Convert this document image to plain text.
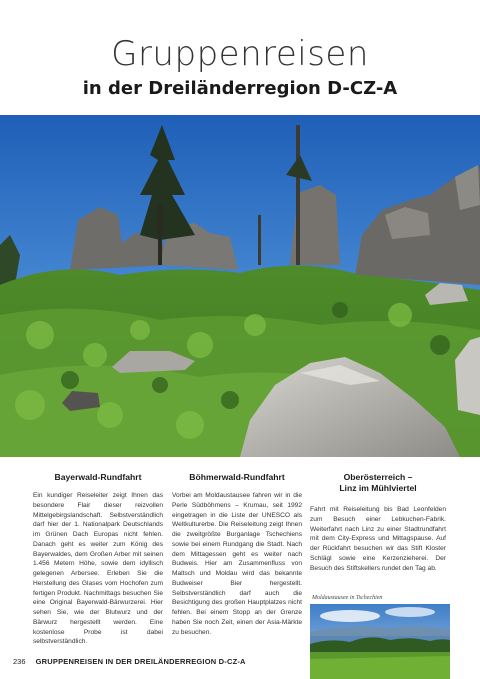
Gruppenreisen
in der Dreiländerregion D-CZ-A
Bayerwald-Rundfahrt

Ein kundiger Reiseleiter zeigt Ihnen das besondere Flair dieser reizvollen Mittelgebirgslandschaft. Selbstverständlich darf hier der 1. Nationalpark Deutschlands im Grünen Dach Europas nicht fehlen. Danach geht es weiter zum König des Bayerwaldes, dem Großen Arber mit seinen 1.456 Metern Höhe, sowie dem idyllisch gelegenen Arbersee. Erleben Sie die Herstellung des Glases vom Hochofen zum fertigen Produkt. Nachmittags besuchen Sie eine Original Bayerwald-Bärwurzerei. Hier sehen Sie, wie der Blutwurz und der Bärwurz hergestellt werden. Eine kostenlose Probe ist dabei selbstverständlich.

Böhmerwald-Rundfahrt

Vorbei am Moldaustausee fahren wir in die Perle Südböhmens – Krumau, seit 1992 eingetragen in die Liste der UNESCO als Weltkulturerbe. Die Reiseleitung zeigt Ihnen die zweitgrößte Burganlage Tschechiens sowie bei einem Rundgang die Stadt. Nach dem Mittagessen geht es weiter nach Budweis. Hier am Zusammenfluss von Maltsch und Moldau wird das bekannte Budweiser Bier hergestellt. Selbstverständlich darf auch die Besichtigung des großen Hauptplatzes nicht fehlen. Bei einem Stopp an der Grenze haben Sie noch Zeit, einen der Asia-Märkte zu besuchen.

Oberösterreich –
Linz im Mühlviertel

Fahrt mit Reiseleitung bis Bad Leonfelden zum Besuch einer Lebkuchen-Fabrik. Weiterfahrt nach Linz zu einer Stadtrundfahrt mit dem City-Express und Mittagspause. Auf der Rückfahrt besuchen wir das Stift Kloster Schlägl sowie eine Kerzenzieherei. Der Besuch des Stiftskellers rundet den Tag ab.

Moldaustausee in Tschechien
236 GRUPPENREISEN IN DER DREILÄNDERREGION D-CZ-A
